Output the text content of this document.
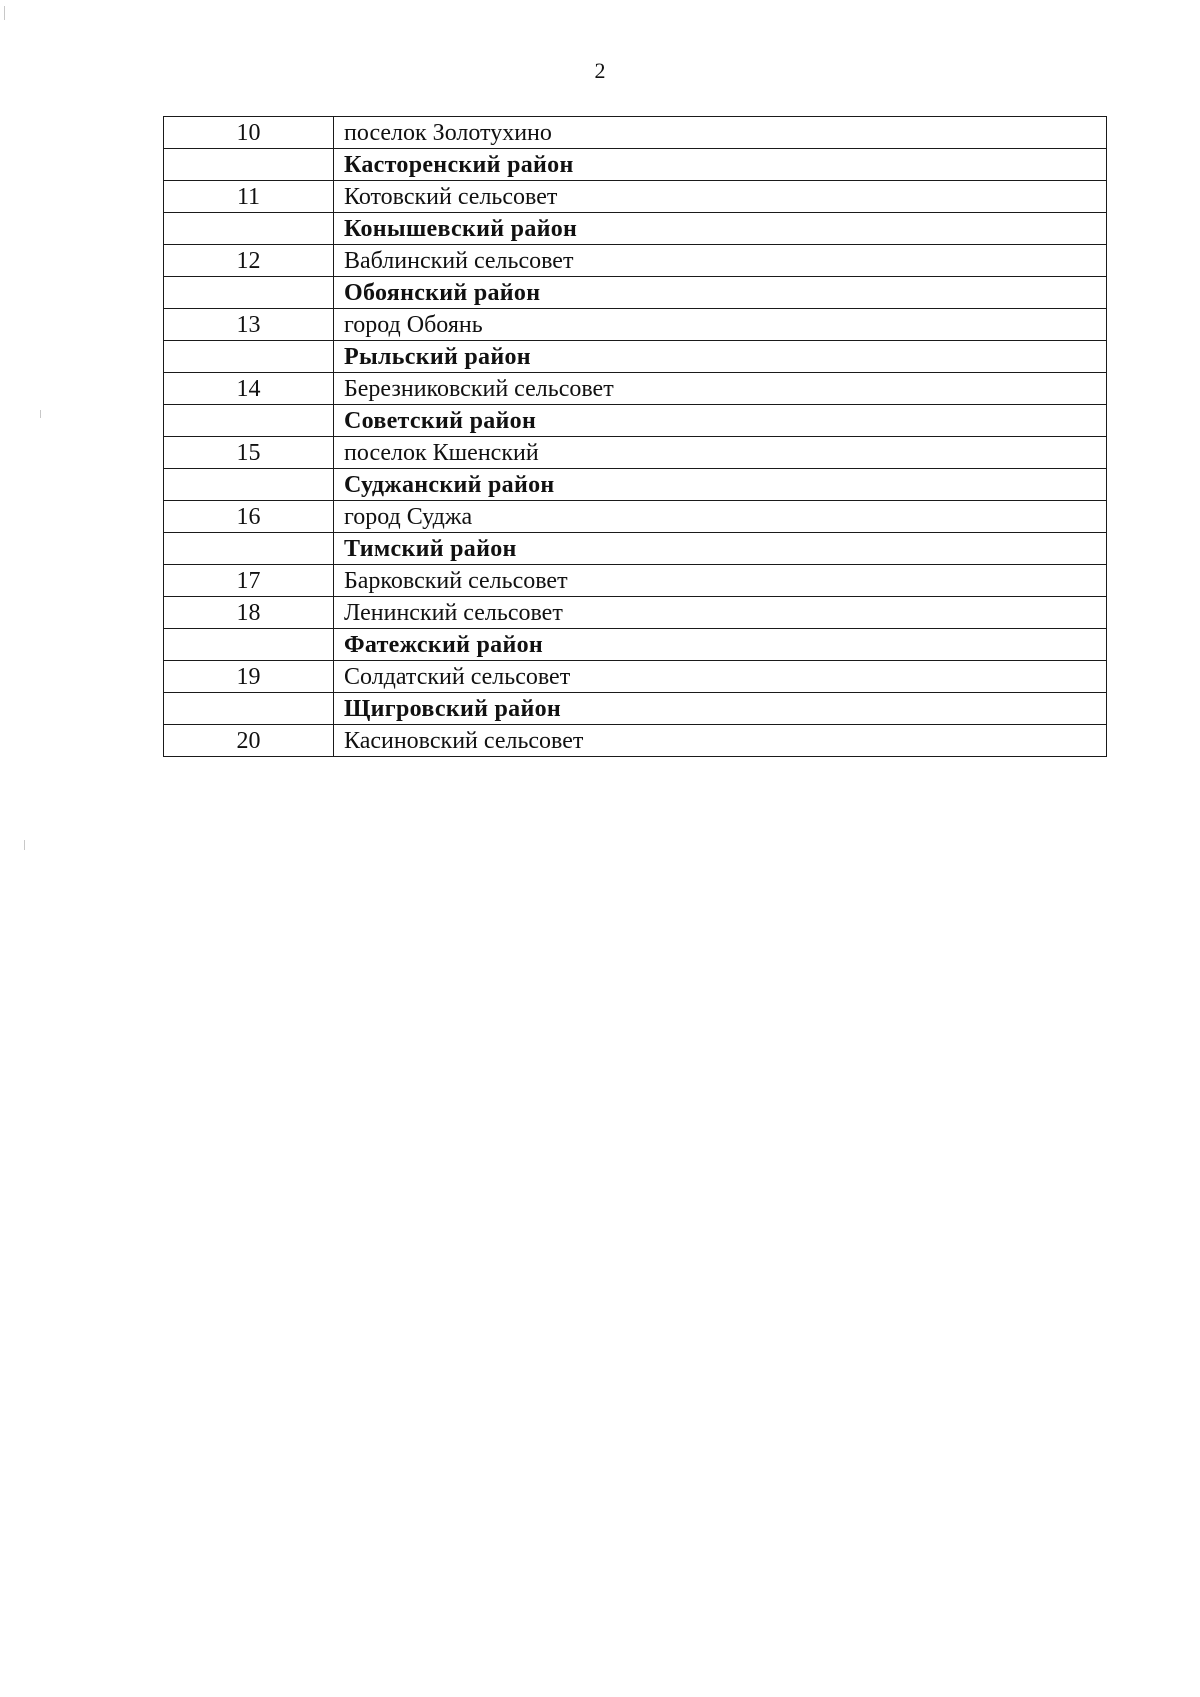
2
10	поселок Золотухино
	Касторенский район
11	Котовский сельсовет
	Конышевский район
12	Ваблинский сельсовет
	Обоянский район
13	город Обоянь
	Рыльский район
14	Березниковский сельсовет
	Советский район
15	поселок Кшенский
	Суджанский район
16	город Суджа
	Тимский район
17	Барковский сельсовет
18	Ленинский сельсовет
	Фатежский район
19	Солдатский сельсовет
	Щигровский район
20	Касиновский сельсовет
